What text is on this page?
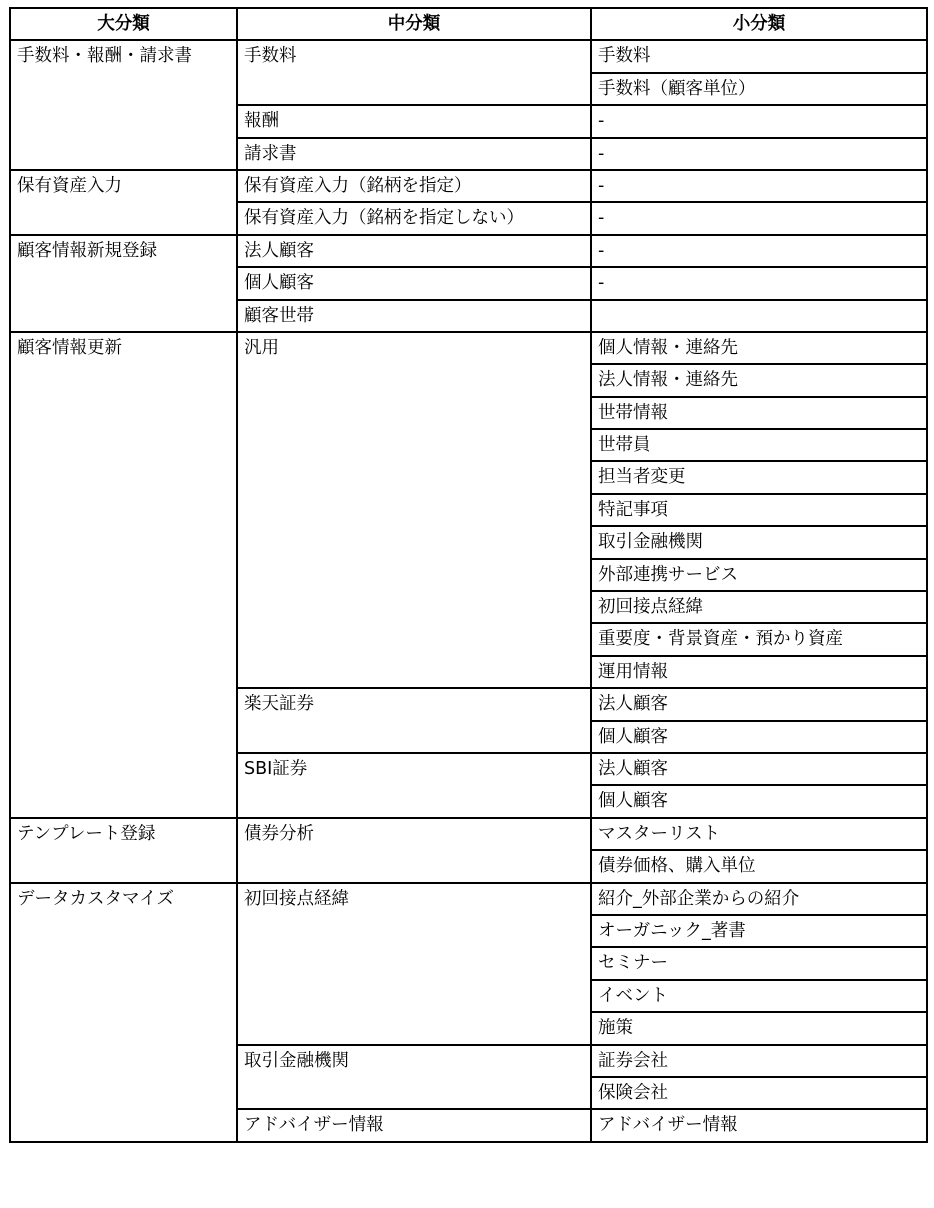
大分類	中分類	小分類
手数料・報酬・請求書	手数料	手数料
		手数料（顧客単位）
	報酬	-
	請求書	-
保有資産入力	保有資産入力（銘柄を指定）	-
	保有資産入力（銘柄を指定しない）	-
顧客情報新規登録	法人顧客	-
	個人顧客	-
	顧客世帯	
顧客情報更新	汎用	個人情報・連絡先
		法人情報・連絡先
		世帯情報
		世帯員
		担当者変更
		特記事項
		取引金融機関
		外部連携サービス
		初回接点経緯
		重要度・背景資産・預かり資産
		運用情報
	楽天証券	法人顧客
		個人顧客
	SBI証券	法人顧客
		個人顧客
テンプレート登録	債券分析	マスターリスト
		債券価格、購入単位
データカスタマイズ	初回接点経緯	紹介_外部企業からの紹介
		オーガニック_著書
		セミナー
		イベント
		施策
	取引金融機関	証券会社
		保険会社
	アドバイザー情報	アドバイザー情報
